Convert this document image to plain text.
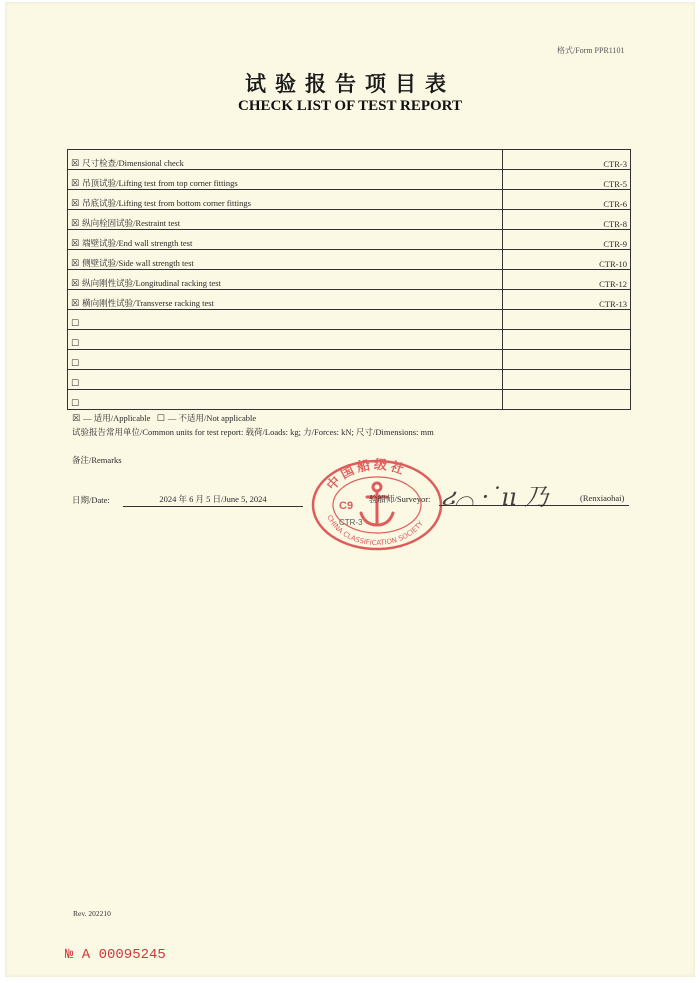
格式/Form PPR1101
试验报告项目表
CHECK LIST OF TEST REPORT
☒ 尺寸检查/Dimensional check	CTR-3
☒ 吊顶试验/Lifting test from top corner fittings	CTR-5
☒ 吊底试验/Lifting test from bottom corner fittings	CTR-6
☒ 纵向栓固试验/Restraint test	CTR-8
☒ 端壁试验/End wall strength test	CTR-9
☒ 侧壁试验/Side wall strength test	CTR-10
☒ 纵向刚性试验/Longitudinal racking test	CTR-12
☒ 横向刚性试验/Transverse racking test	CTR-13
☐	
☐	
☐	
☐	
☐	
☒ — 适用/Applicable ☐ — 不适用/Not applicable
试验报告常用单位/Common units for test report: 载荷/Loads: kg; 力/Forces: kN; 尺寸/Dimensions: mm
备注/Remarks
日期/Date:	2024 年 6 月 5 日/June 5, 2024
中国船级社
CHINA CLASSIFICATION SOCIETY
C9
CTR-3
验船师/Surveyor: ሪ⌒ ·˙ıı 乃	(Renxiaohai)
Rev. 202210
№ A 00095245
